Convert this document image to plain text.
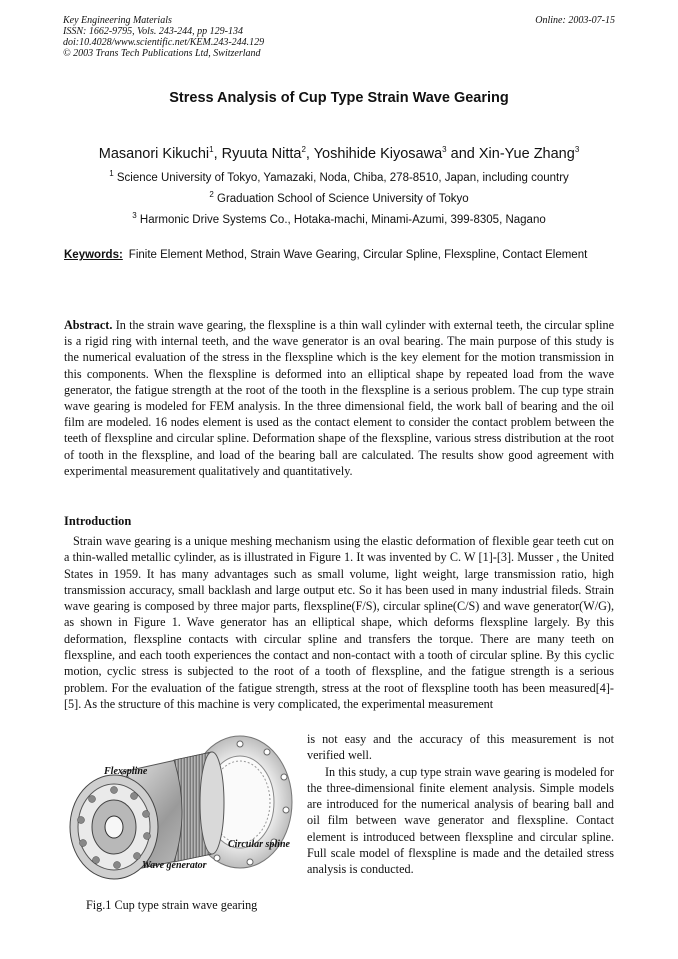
Key Engineering Materials
ISSN: 1662-9795, Vols. 243-244, pp 129-134
doi:10.4028/www.scientific.net/KEM.243-244.129
© 2003 Trans Tech Publications Ltd, Switzerland
Online: 2003-07-15
Stress Analysis of Cup Type Strain Wave Gearing
Masanori Kikuchi$^1$, Ryuuta Nitta$^2$, Yoshihide Kiyosawa$^3$ and Xin-Yue Zhang$^3$
$^1$ Science University of Tokyo, Yamazaki, Noda, Chiba, 278-8510, Japan, including country
$^2$ Graduation School of Science University of Tokyo
$^3$ Harmonic Drive Systems Co., Hotaka-machi, Minami-Azumi, 399-8305, Nagano
Keywords: Finite Element Method, Strain Wave Gearing, Circular Spline, Flexspline, Contact Element
Abstract. In the strain wave gearing, the flexspline is a thin wall cylinder with external teeth, the circular spline is a rigid ring with internal teeth, and the wave generator is an oval bearing. The main purpose of this study is the numerical evaluation of the stress in the flexspline which is the key element for the motion transmission in this components. When the flexspline is deformed into an elliptical shape by repeated load from the wave generator, the fatigue strength at the root of the tooth in the flexspline is a serious problem. The cup type strain wave gearing is modeled for FEM analysis. In the three dimensional field, the work ball of bearing and the oil film are modeled. 16 nodes element is used as the contact element to consider the contact problem between the teeth of flexspline and circular spline. Deformation shape of the flexspline, various stress distribution at the root of tooth in the flexspline, and load of the bearing ball are calculated. The results show good agreement with experimental measurement qualitatively and quantitatively.
Introduction
Strain wave gearing is a unique meshing mechanism using the elastic deformation of flexible gear teeth cut on a thin-walled metallic cylinder, as is illustrated in Figure 1. It was invented by C. W [1]-[3]. Musser , the United States in 1959. It has many advantages such as small volume, light weight, large transmission ratio, high transmission accuracy, small backlash and large output etc. So it has been used in many industrial fileds. Strain wave gearing is composed by three major parts, flexspline(F/S), circular spline(C/S) and wave generator(W/G), as shown in Figure 1. Wave generator has an elliptical shape, which deforms flexspline largely. By this deformation, flexspline contacts with circular spline and transfers the torque. There are many teeth on flexspline, and each tooth experiences the contact and non-contact with a tooth of circular spline. By this cyclic motion, cyclic stress is subjected to the root of a tooth of flexspline, and the fatigue strength is a serious problem. For the evaluation of the fatigue strength, stress at the root of flexspline tooth has been measured[4]-[5]. As the structure of this machine is very complicated, the experimental measurement

is not easy and the accuracy of this measurement is not verified well.

In this study, a cup type strain wave gearing is modeled for the three-dimensional finite element analysis. Simple models are introduced for the numerical analysis of bearing ball and oil film between wave generator and flexspline. Contact element is introduced between flexspline and circular spline. Full scale model of flexspline is made and the detailed stress analysis is conducted.

Flexspline
Circular spline
Wave generator
Fig.1 Cup type strain wave gearing
